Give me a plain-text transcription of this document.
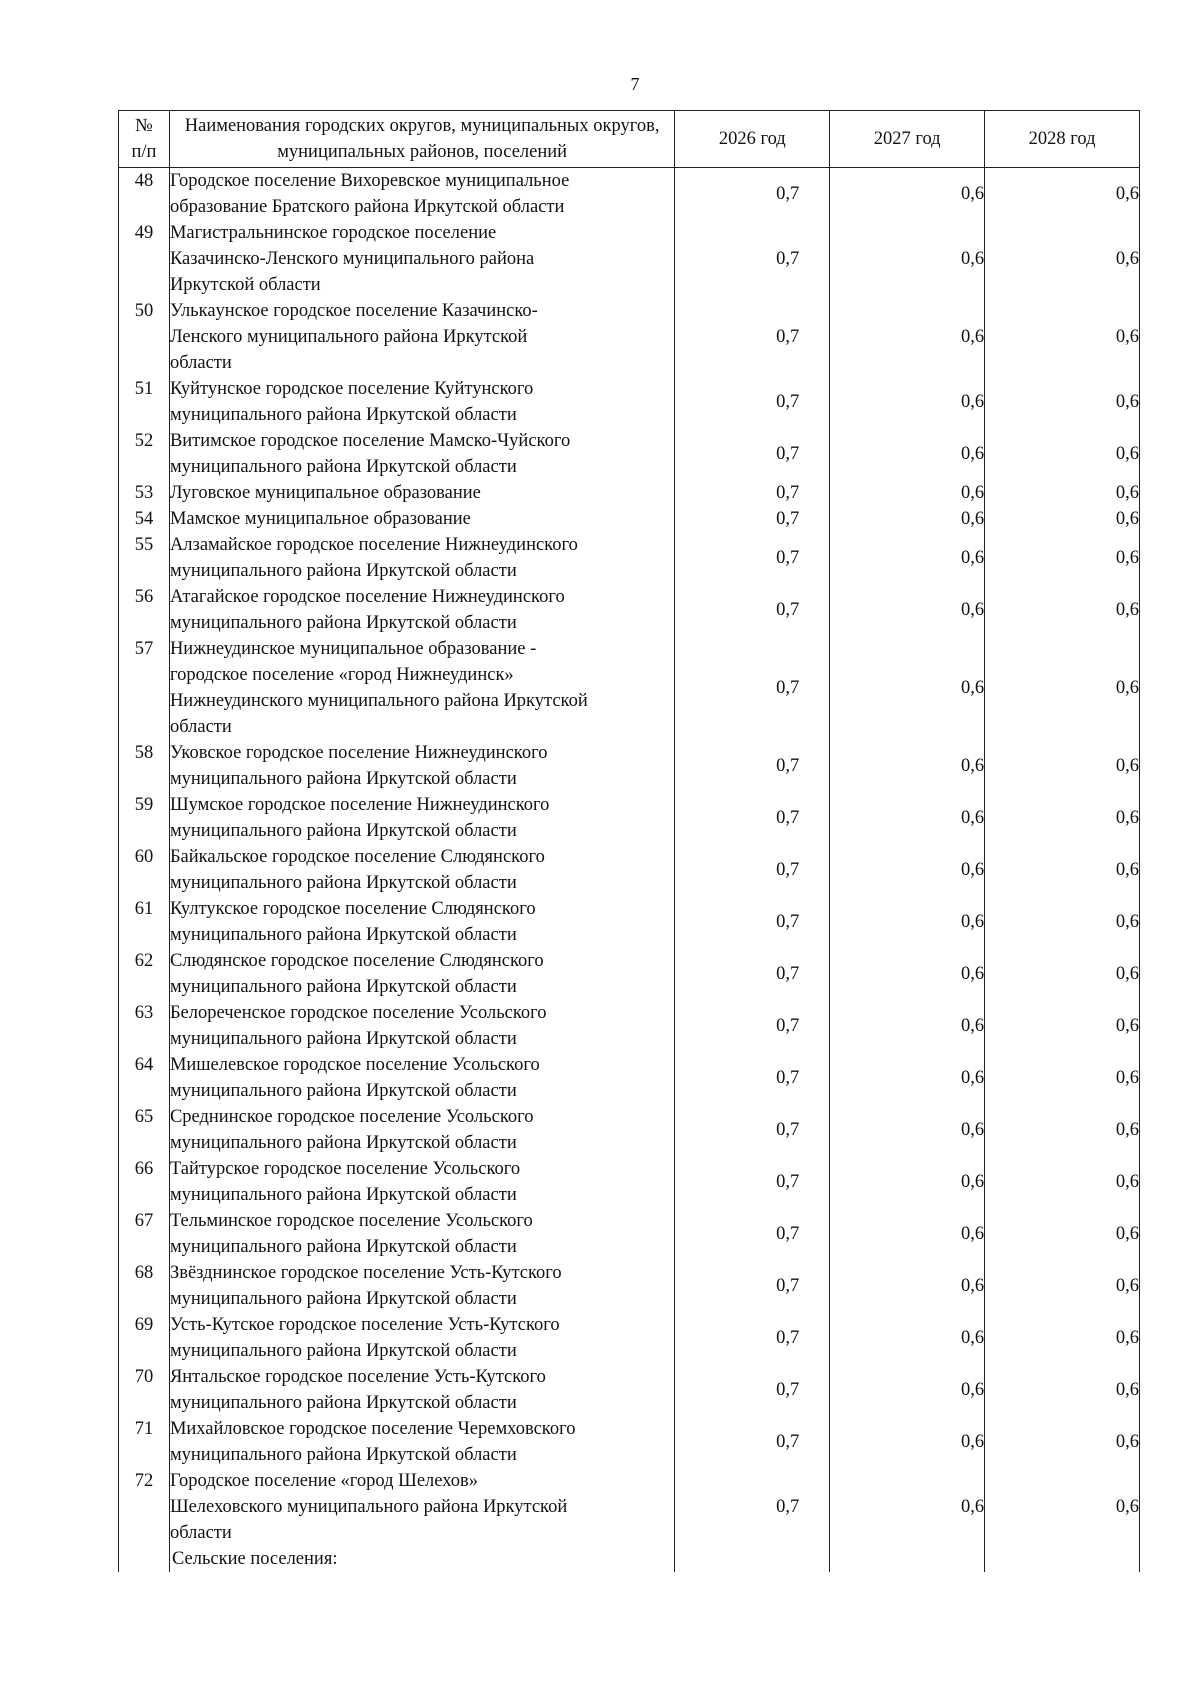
7
№
п/п	Наименования городских округов, муниципальных округов, муниципальных районов, поселений	2026 год	2027 год	2028 год
48	Городское поселение Вихоревское муниципальное
образование Братского района Иркутской области	0,7	0,6	0,6
49	Магистральнинское городское поселение
Казачинско-Ленского муниципального района
Иркутской области	0,7	0,6	0,6
50	Улькаyнское городское поселение Казачинско-
Ленского муниципального района Иркутской
области	0,7	0,6	0,6
51	Куйтунское городское поселение Куйтунского
муниципального района Иркутской области	0,7	0,6	0,6
52	Витимское городское поселение Мамско-Чуйского
муниципального района Иркутской области	0,7	0,6	0,6
53	Луговское муниципальное образование	0,7	0,6	0,6
54	Мамское муниципальное образование	0,7	0,6	0,6
55	Алзамайское городское поселение Нижнеудинского
муниципального района Иркутской области	0,7	0,6	0,6
56	Атагайское городское поселение Нижнеудинского
муниципального района Иркутской области	0,7	0,6	0,6
57	Нижнеудинское муниципальное образование -
городское поселение «город Нижнеудинск»
Нижнеудинского муниципального района Иркутской
области	0,7	0,6	0,6
58	Уковское городское поселение Нижнеудинского
муниципального района Иркутской области	0,7	0,6	0,6
59	Шумское городское поселение Нижнеудинского
муниципального района Иркутской области	0,7	0,6	0,6
60	Байкальское городское поселение Слюдянского
муниципального района Иркутской области	0,7	0,6	0,6
61	Култукское городское поселение Слюдянского
муниципального района Иркутской области	0,7	0,6	0,6
62	Слюдянское городское поселение Слюдянского
муниципального района Иркутской области	0,7	0,6	0,6
63	Белореченское городское поселение Усольского
муниципального района Иркутской области	0,7	0,6	0,6
64	Мишелевское городское поселение Усольского
муниципального района Иркутской области	0,7	0,6	0,6
65	Среднинское городское поселение Усольского
муниципального района Иркутской области	0,7	0,6	0,6
66	Тайтурское городское поселение Усольского
муниципального района Иркутской области	0,7	0,6	0,6
67	Тельминское городское поселение Усольского
муниципального района Иркутской области	0,7	0,6	0,6
68	Звёзднинское городское поселение Усть-Кутского
муниципального района Иркутской области	0,7	0,6	0,6
69	Усть-Кутское городское поселение Усть-Кутского
муниципального района Иркутской области	0,7	0,6	0,6
70	Янтальское городское поселение Усть-Кутского
муниципального района Иркутской области	0,7	0,6	0,6
71	Михайловское городское поселение Черемховского
муниципального района Иркутской области	0,7	0,6	0,6
72	Городское поселение «город Шелехов»
Шелеховского муниципального района Иркутской
области	0,7	0,6	0,6
	Сельские поселения:			
